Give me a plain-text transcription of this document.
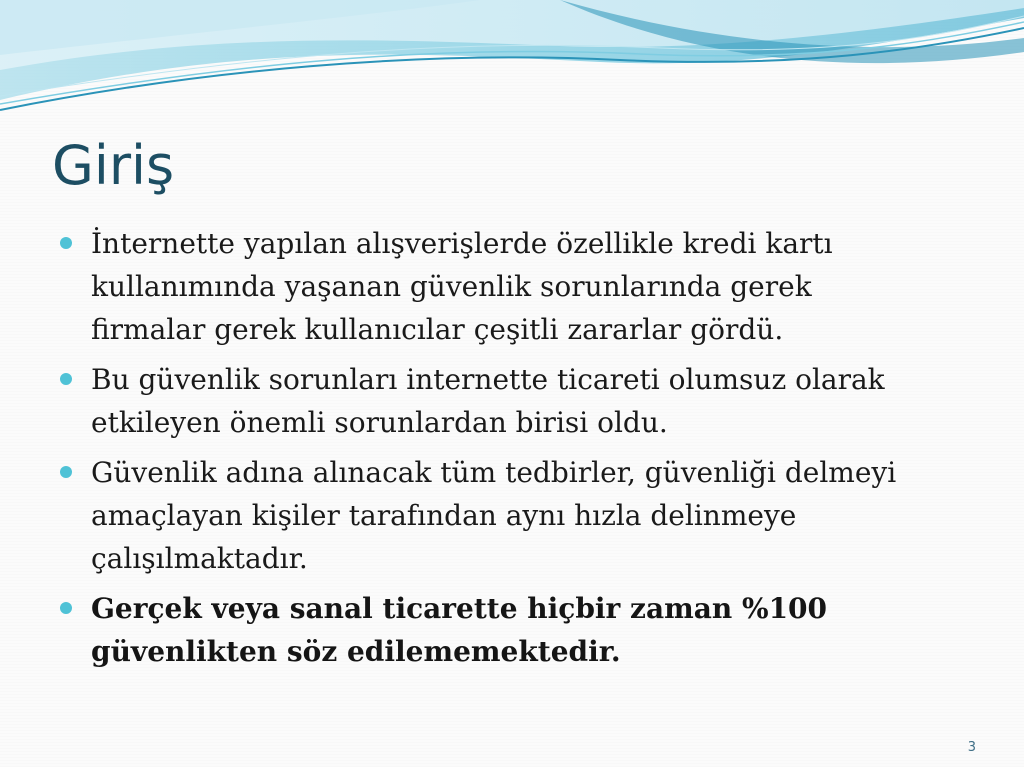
Giriş
İnternette yapılan alışverişlerde özellikle kredi kartı kullanımında yaşanan güvenlik sorunlarında gerek firmalar gerek kullanıcılar çeşitli zararlar gördü.
Bu güvenlik sorunları internette ticareti olumsuz olarak etkileyen önemli sorunlardan birisi oldu.
Güvenlik adına alınacak tüm tedbirler, güvenliği delmeyi amaçlayan kişiler tarafından aynı hızla delinmeye çalışılmaktadır.
Gerçek veya sanal ticarette hiçbir zaman %100 güvenlikten söz edilememektedir.
3
